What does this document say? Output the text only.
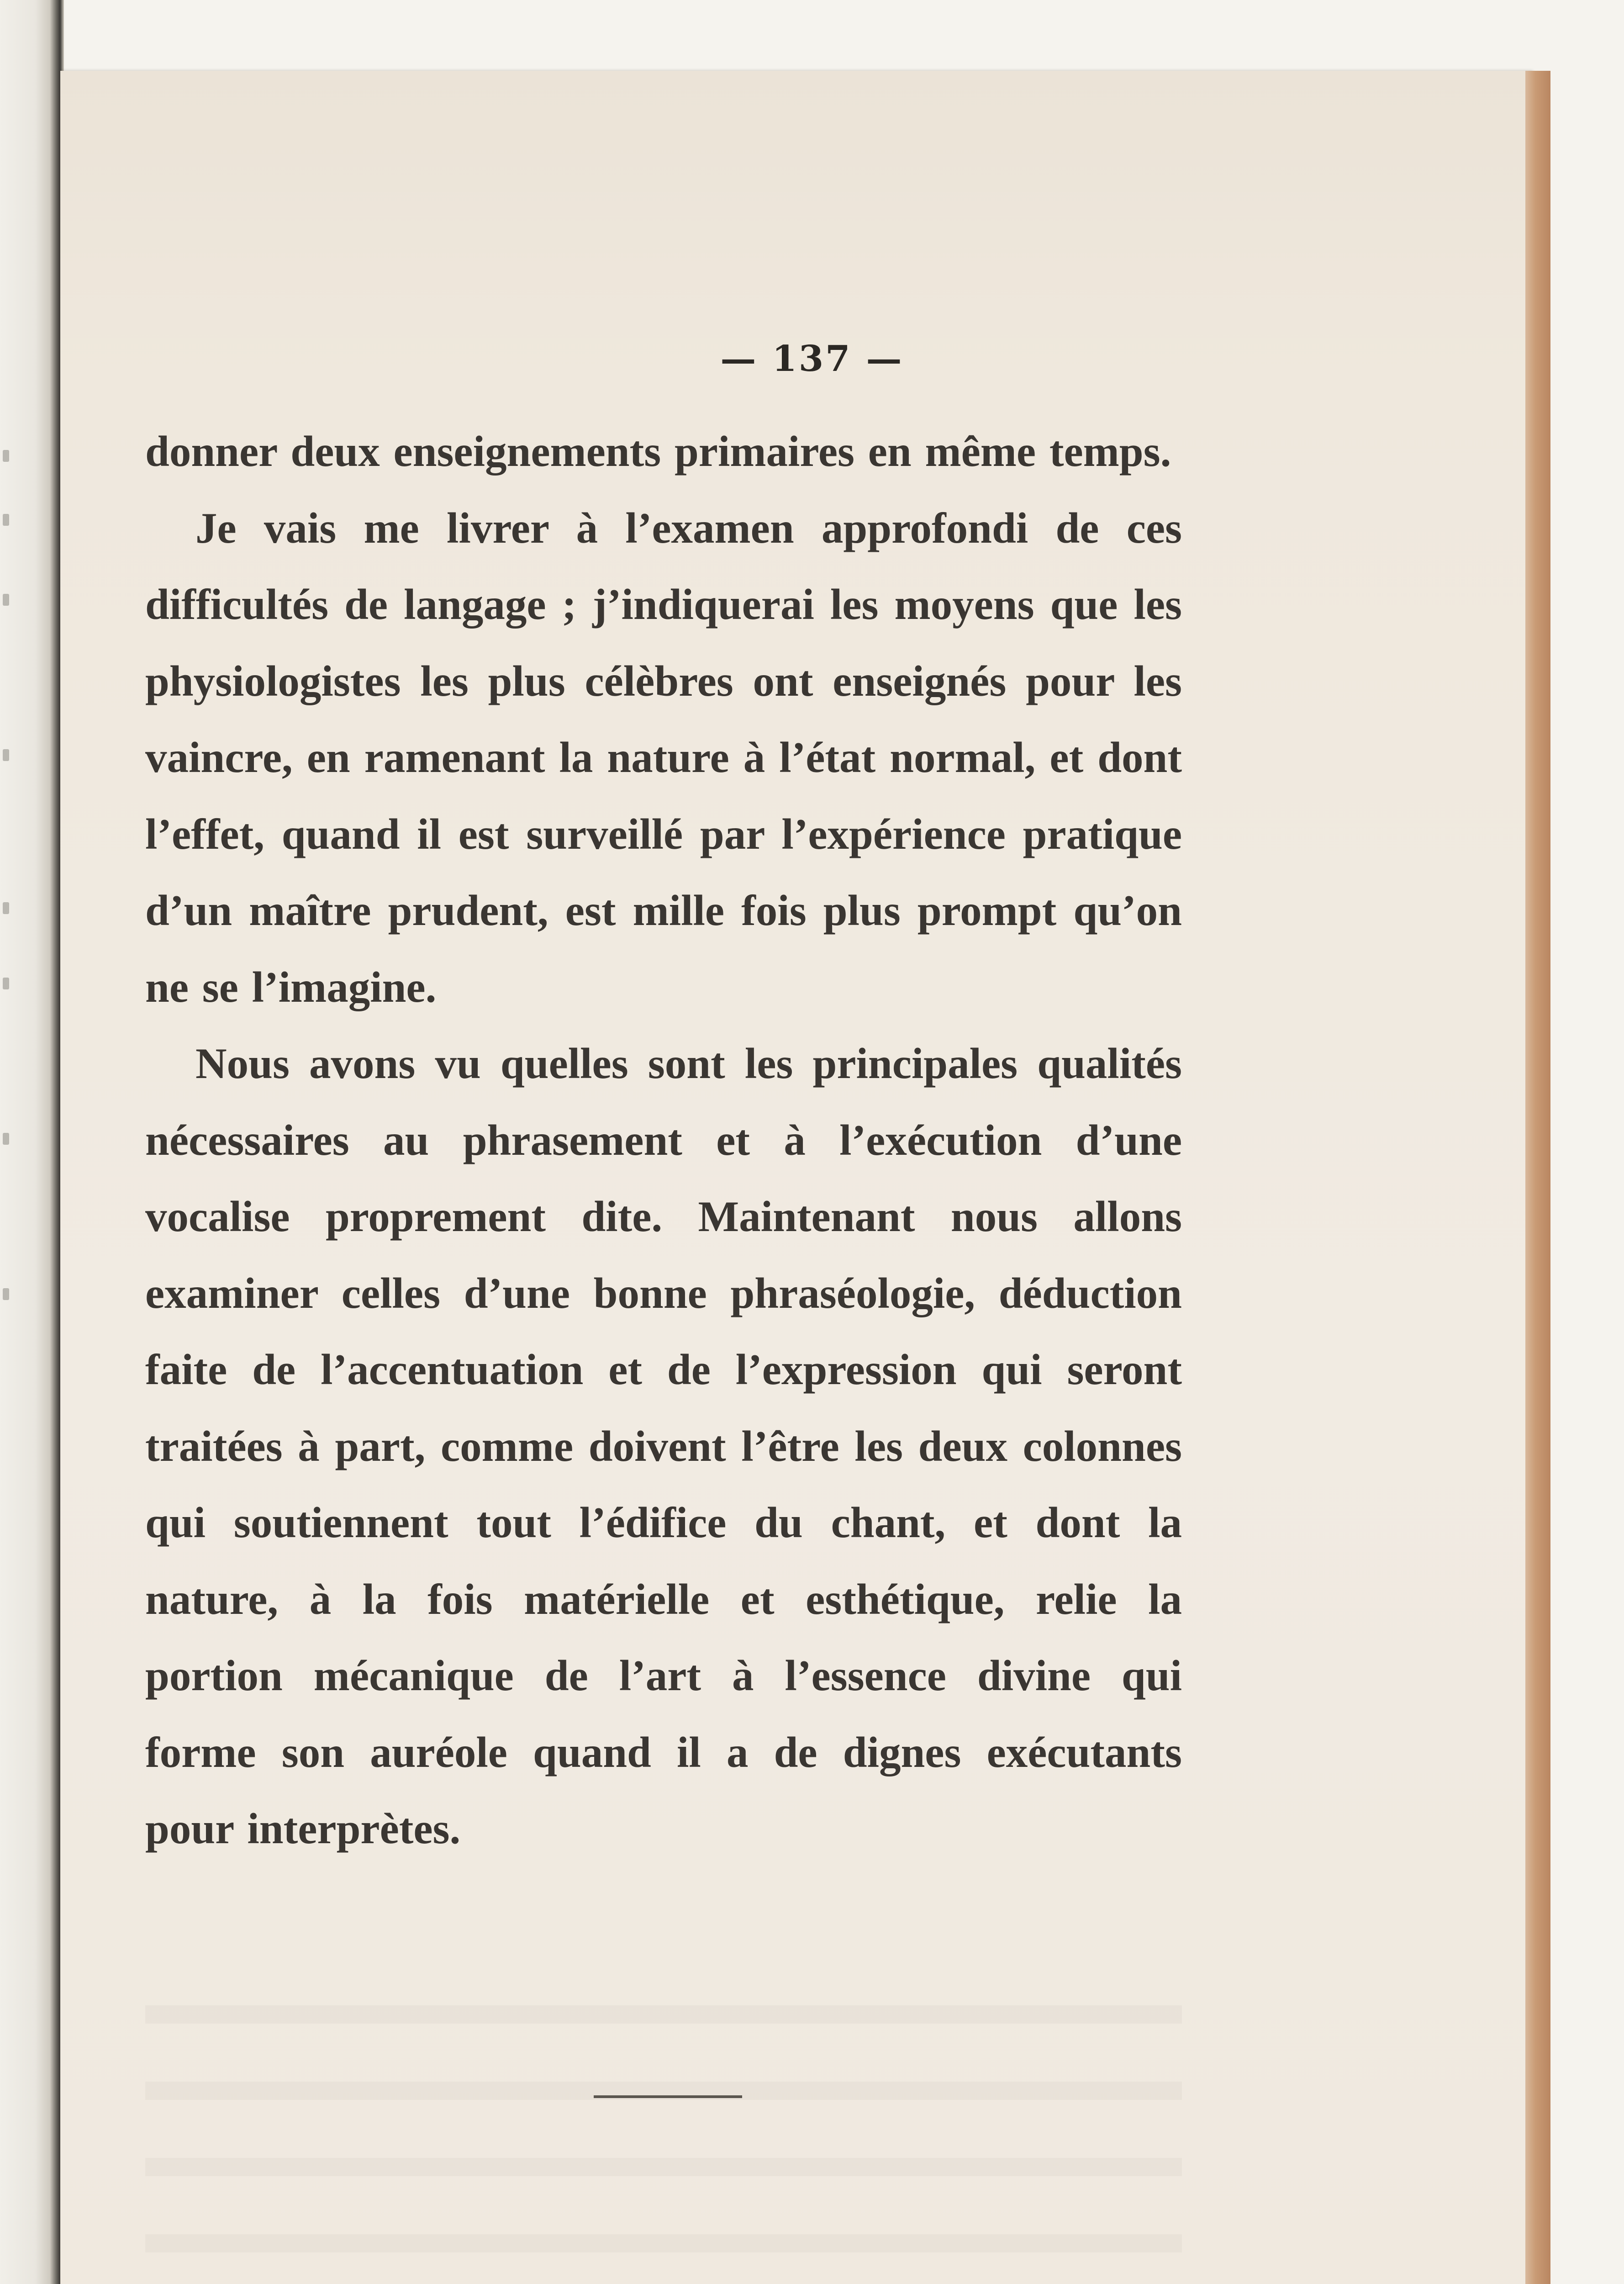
— 137 —

donner deux enseignements primaires en même temps.

Je vais me livrer à l’examen approfondi de ces difficultés de langage ; j’indiquerai les moyens que les physiologistes les plus célèbres ont enseignés pour les vaincre, en ramenant la nature à l’état normal, et dont l’effet, quand il est surveillé par l’expérience pratique d’un maître prudent, est mille fois plus prompt qu’on ne se l’imagine.

Nous avons vu quelles sont les principales qualités nécessaires au phrasement et à l’exécution d’une vocalise proprement dite. Maintenant nous allons examiner celles d’une bonne phraséologie, déduction faite de l’accentuation et de l’expression qui seront traitées à part, comme doivent l’être les deux colonnes qui soutiennent tout l’édifice du chant, et dont la nature, à la fois matérielle et esthétique, relie la portion mécanique de l’art à l’essence divine qui forme son auréole quand il a de dignes exécutants pour interprètes.
